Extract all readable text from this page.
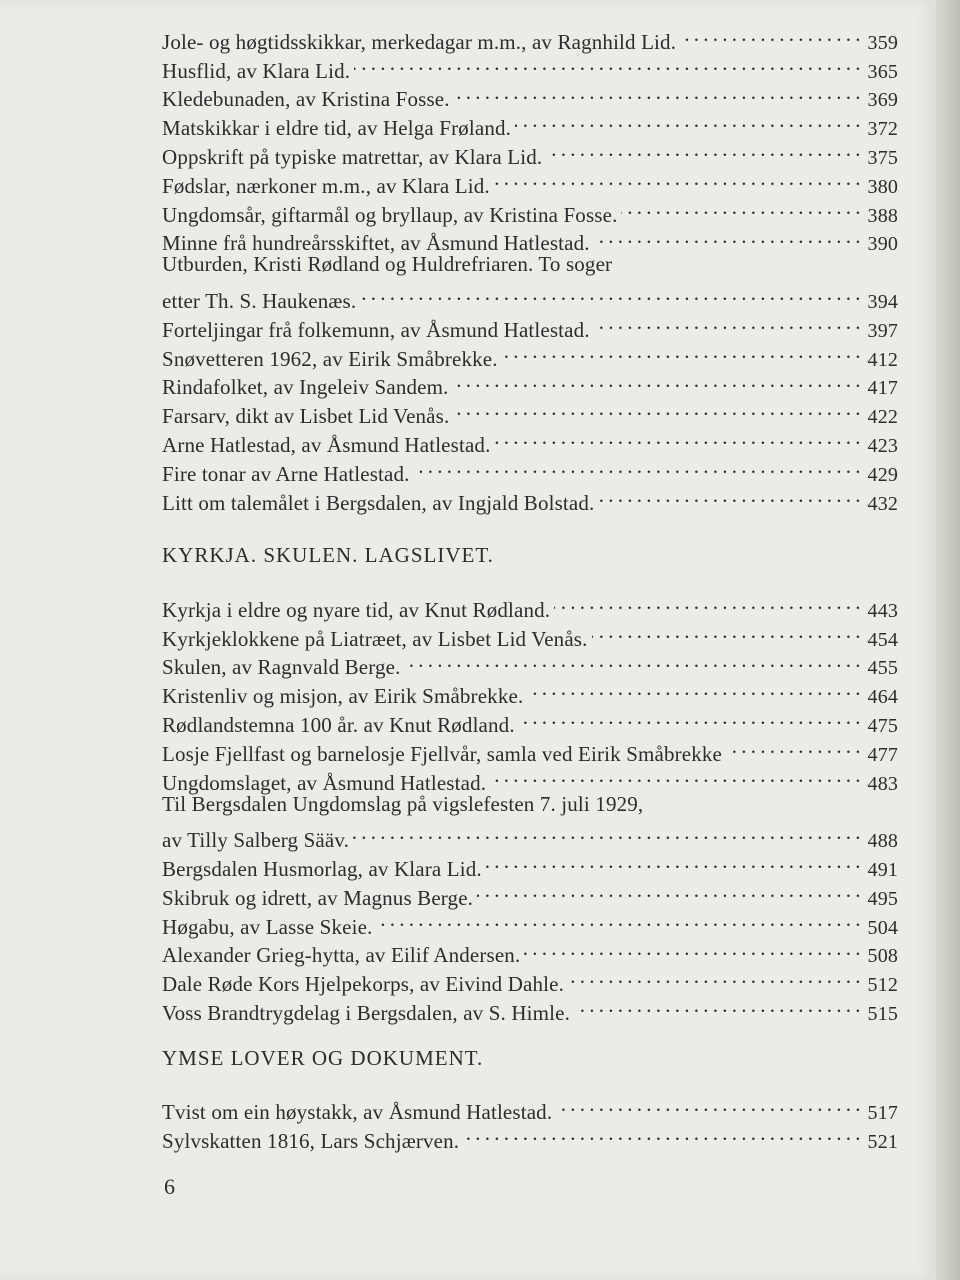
Jole- og høgtidsskikkar, merkedagar m.m., av Ragnhild Lid. . . .	359
Husflid, av Klara Lid. . . .	365
Kledebunaden, av Kristina Fosse. . . .	369
Matskikkar i eldre tid, av Helga Frøland. . . .	372
Oppskrift på typiske matrettar, av Klara Lid. . . .	375
Fødslar, nærkoner m.m., av Klara Lid. . . .	380
Ungdomsår, giftarmål og bryllaup, av Kristina Fosse. . . .	388
Minne frå hundreårsskiftet, av Åsmund Hatlestad. . . .	390
Utburden, Kristi Rødland og Huldrefriaren. To soger
etter Th. S. Haukenæs. . . .	394
Forteljingar frå folkemunn, av Åsmund Hatlestad. . . .	397
Snøvetteren 1962, av Eirik Småbrekke. . . .	412
Rindafolket, av Ingeleiv Sandem. . . .	417
Farsarv, dikt av Lisbet Lid Venås. . . .	422
Arne Hatlestad, av Åsmund Hatlestad. . . .	423
Fire tonar av Arne Hatlestad. . . .	429
Litt om talemålet i Bergsdalen, av Ingjald Bolstad. . . .	432
KYRKJA. SKULEN. LAGSLIVET.
Kyrkja i eldre og nyare tid, av Knut Rødland. . . .	443
Kyrkjeklokkene på Liatræet, av Lisbet Lid Venås. . . .	454
Skulen, av Ragnvald Berge. . . .	455
Kristenliv og misjon, av Eirik Småbrekke. . . .	464
Rødlandstemna 100 år. av Knut Rødland. . . .	475
Losje Fjellfast og barnelosje Fjellvår, samla ved Eirik Småbrekke . . .	477
Ungdomslaget, av Åsmund Hatlestad. . . .	483
Til Bergsdalen Ungdomslag på vigslefesten 7. juli 1929,
av Tilly Salberg Sääv. . . .	488
Bergsdalen Husmorlag, av Klara Lid. . . .	491
Skibruk og idrett, av Magnus Berge. . . .	495
Høgabu, av Lasse Skeie. . . .	504
Alexander Grieg-hytta, av Eilif Andersen. . . .	508
Dale Røde Kors Hjelpekorps, av Eivind Dahle. . . .	512
Voss Brandtrygdelag i Bergsdalen, av S. Himle. . . .	515
YMSE LOVER OG DOKUMENT.
Tvist om ein høystakk, av Åsmund Hatlestad. . . .	517
Sylvskatten 1816, Lars Schjærven. . . .	521
6
